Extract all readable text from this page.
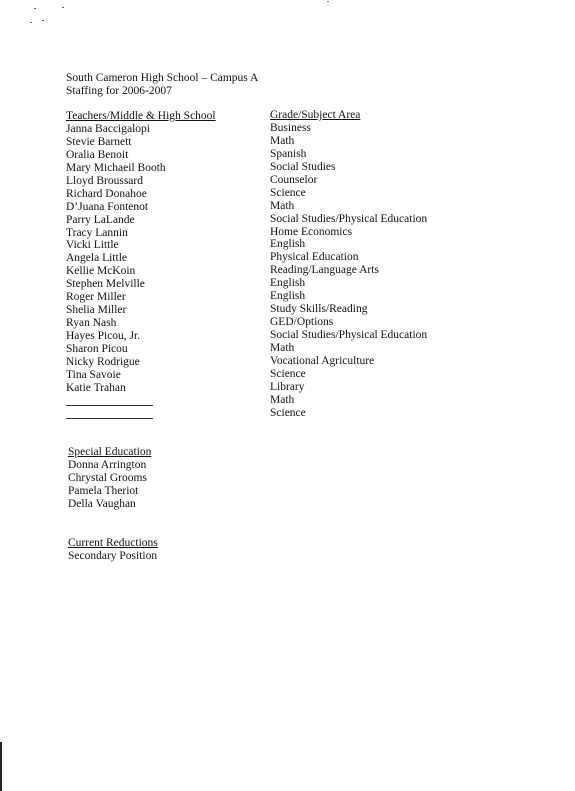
South Cameron High School – Campus A
Staffing for 2006-2007
Teachers/Middle & High School	Grade/Subject Area
Janna Baccigalopi
Stevie Barnett
Oralia Benoit
Mary Michaeil Booth
Lloyd Broussard
Richard Donahoe
D’Juana Fontenot
Parry LaLande
Tracy Lannin
Vicki Little
Angela Little
Kellie McKoin
Stephen Melville
Roger Miller
Shelia Miller
Ryan Nash
Hayes Picou, Jr.
Sharon Picou
Nicky Rodrigue
Tina Savoie
Katie Trahan
Business
Math
Spanish
Social Studies
Counselor
Science
Math
Social Studies/Physical Education
Home Economics
English
Physical Education
Reading/Language Arts
English
English
Study Skills/Reading
GED/Options
Social Studies/Physical Education
Math
Vocational Agriculture
Science
Library
Math
Science
Special Education
Donna Arrington
Chrystal Grooms
Pamela Theriot
Della Vaughan
Current Reductions
Secondary Position
